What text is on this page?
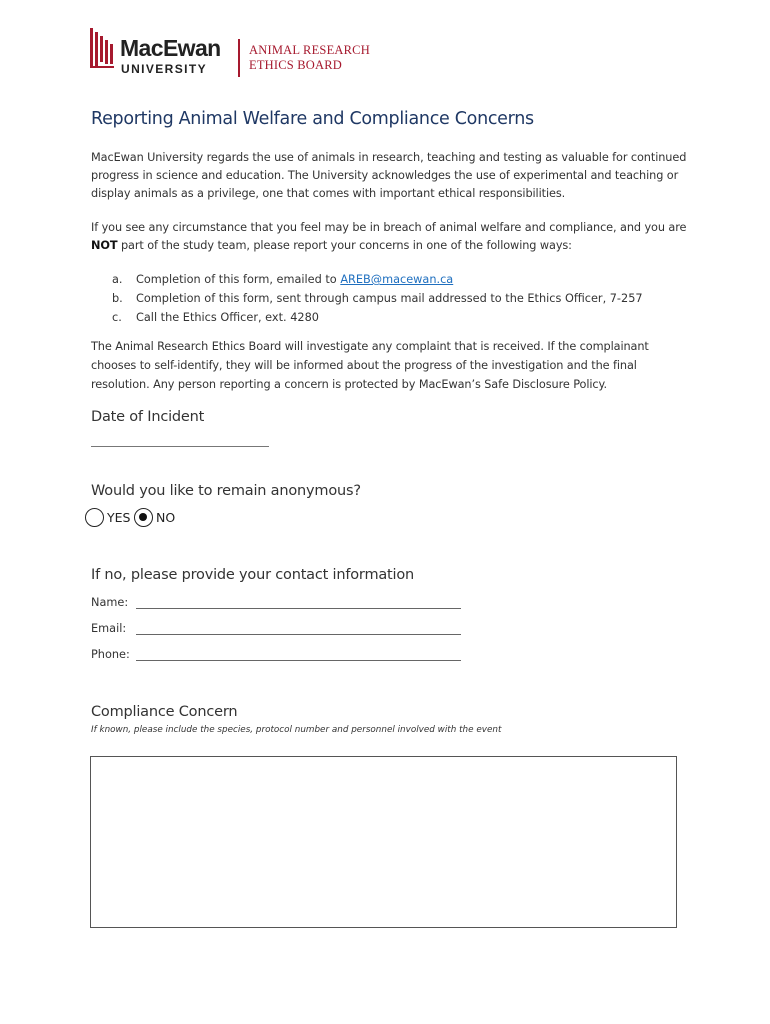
MacEwan
UNIVERSITY
ANIMAL RESEARCH
ETHICS BOARD
Reporting Animal Welfare and Compliance Concerns
MacEwan University regards the use of animals in research, teaching and testing as valuable for continued progress in science and education. The University acknowledges the use of experimental and teaching or display animals as a privilege, one that comes with important ethical responsibilities.
If you see any circumstance that you feel may be in breach of animal welfare and compliance, and you are NOT part of the study team, please report your concerns in one of the following ways:
a. Completion of this form, emailed to AREB@macewan.ca
b. Completion of this form, sent through campus mail addressed to the Ethics Officer, 7-257
c. Call the Ethics Officer, ext. 4280
The Animal Research Ethics Board will investigate any complaint that is received. If the complainant chooses to self-identify, they will be informed about the progress of the investigation and the final resolution. Any person reporting a concern is protected by MacEwan’s Safe Disclosure Policy.
Date of Incident
Would you like to remain anonymous?
YES NO
If no, please provide your contact information
Name:
Email:
Phone:
Compliance Concern
If known, please include the species, protocol number and personnel involved with the event
